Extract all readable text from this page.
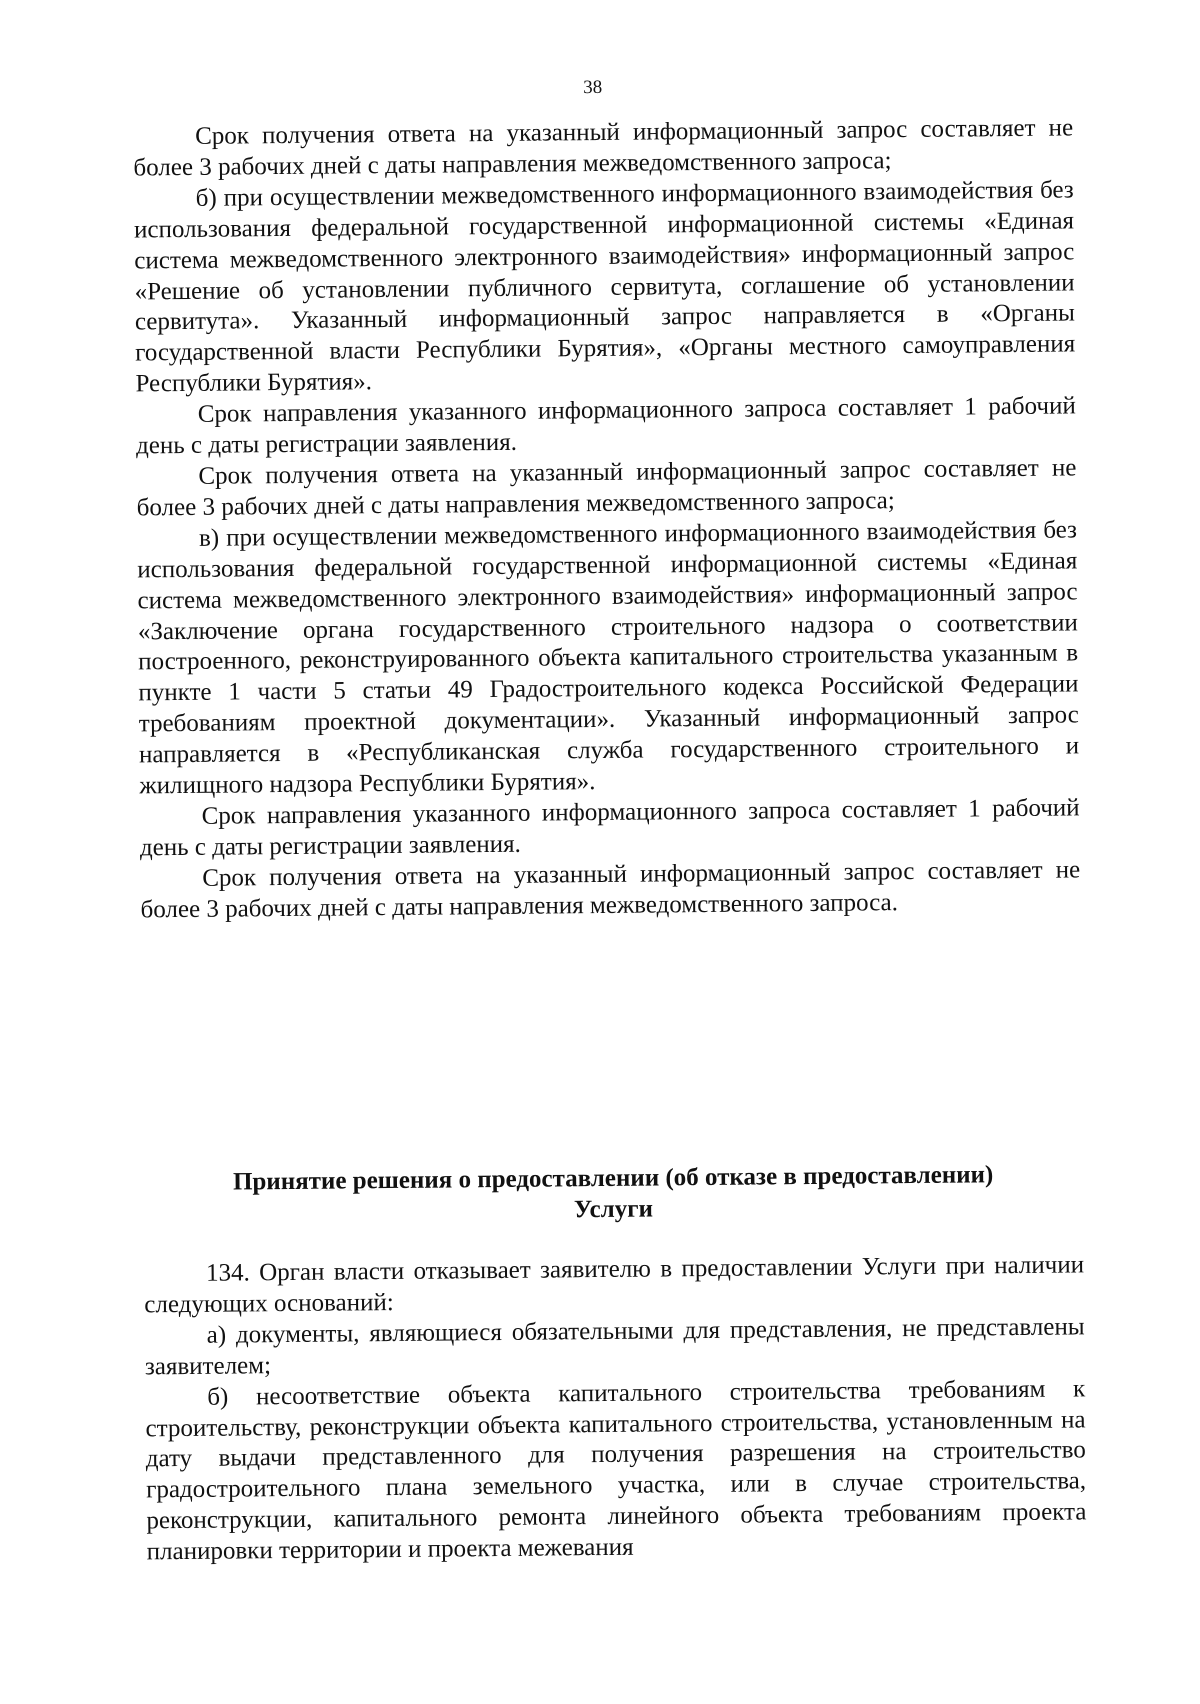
38

Срок получения ответа на указанный информационный запрос составляет не более 3 рабочих дней с даты направления межведомственного запроса;

б) при осуществлении межведомственного информационного взаимодействия без использования федеральной государственной информационной системы «Единая система межведомственного электронного взаимодействия» информационный запрос «Решение об установлении публичного сервитута, соглашение об установлении сервитута». Указанный информационный запрос направляется в «Органы государственной власти Республики Бурятия», «Органы местного самоуправления Республики Бурятия».

Срок направления указанного информационного запроса составляет 1 рабочий день с даты регистрации заявления.

Срок получения ответа на указанный информационный запрос составляет не более 3 рабочих дней с даты направления межведомственного запроса;

в) при осуществлении межведомственного информационного взаимодействия без использования федеральной государственной информационной системы «Единая система межведомственного электронного взаимодействия» информационный запрос «Заключение органа государственного строительного надзора о соответствии построенного, реконструированного объекта капитального строительства указанным в пункте 1 части 5 статьи 49 Градостроительного кодекса Российской Федерации требованиям проектной документации». Указанный информационный запрос направляется в «Республиканская служба государственного строительного и жилищного надзора Республики Бурятия».

Срок направления указанного информационного запроса составляет 1 рабочий день с даты регистрации заявления.

Срок получения ответа на указанный информационный запрос составляет не более 3 рабочих дней с даты направления межведомственного запроса.

Принятие решения о предоставлении (об отказе в предоставлении)
Услуги

134. Орган власти отказывает заявителю в предоставлении Услуги при наличии следующих оснований:

а) документы, являющиеся обязательными для представления, не представлены заявителем;

б) несоответствие объекта капитального строительства требованиям к строительству, реконструкции объекта капитального строительства, установленным на дату выдачи представленного для получения разрешения на строительство градостроительного плана земельного участка, или в случае строительства, реконструкции, капитального ремонта линейного объекта требованиям проекта планировки территории и проекта межевания
